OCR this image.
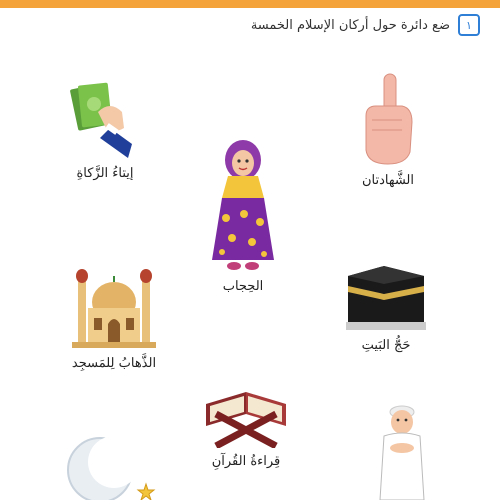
١
ضع دائرة حول أركان الإسلام الخمسة
إيتاءُ الزَّكاةِ
الحِجاب
الشَّهادتان
الذَّهابُ لِلمَسجِد
حَجُّ البَيتِ
قِراءةُ القُرآنِ
